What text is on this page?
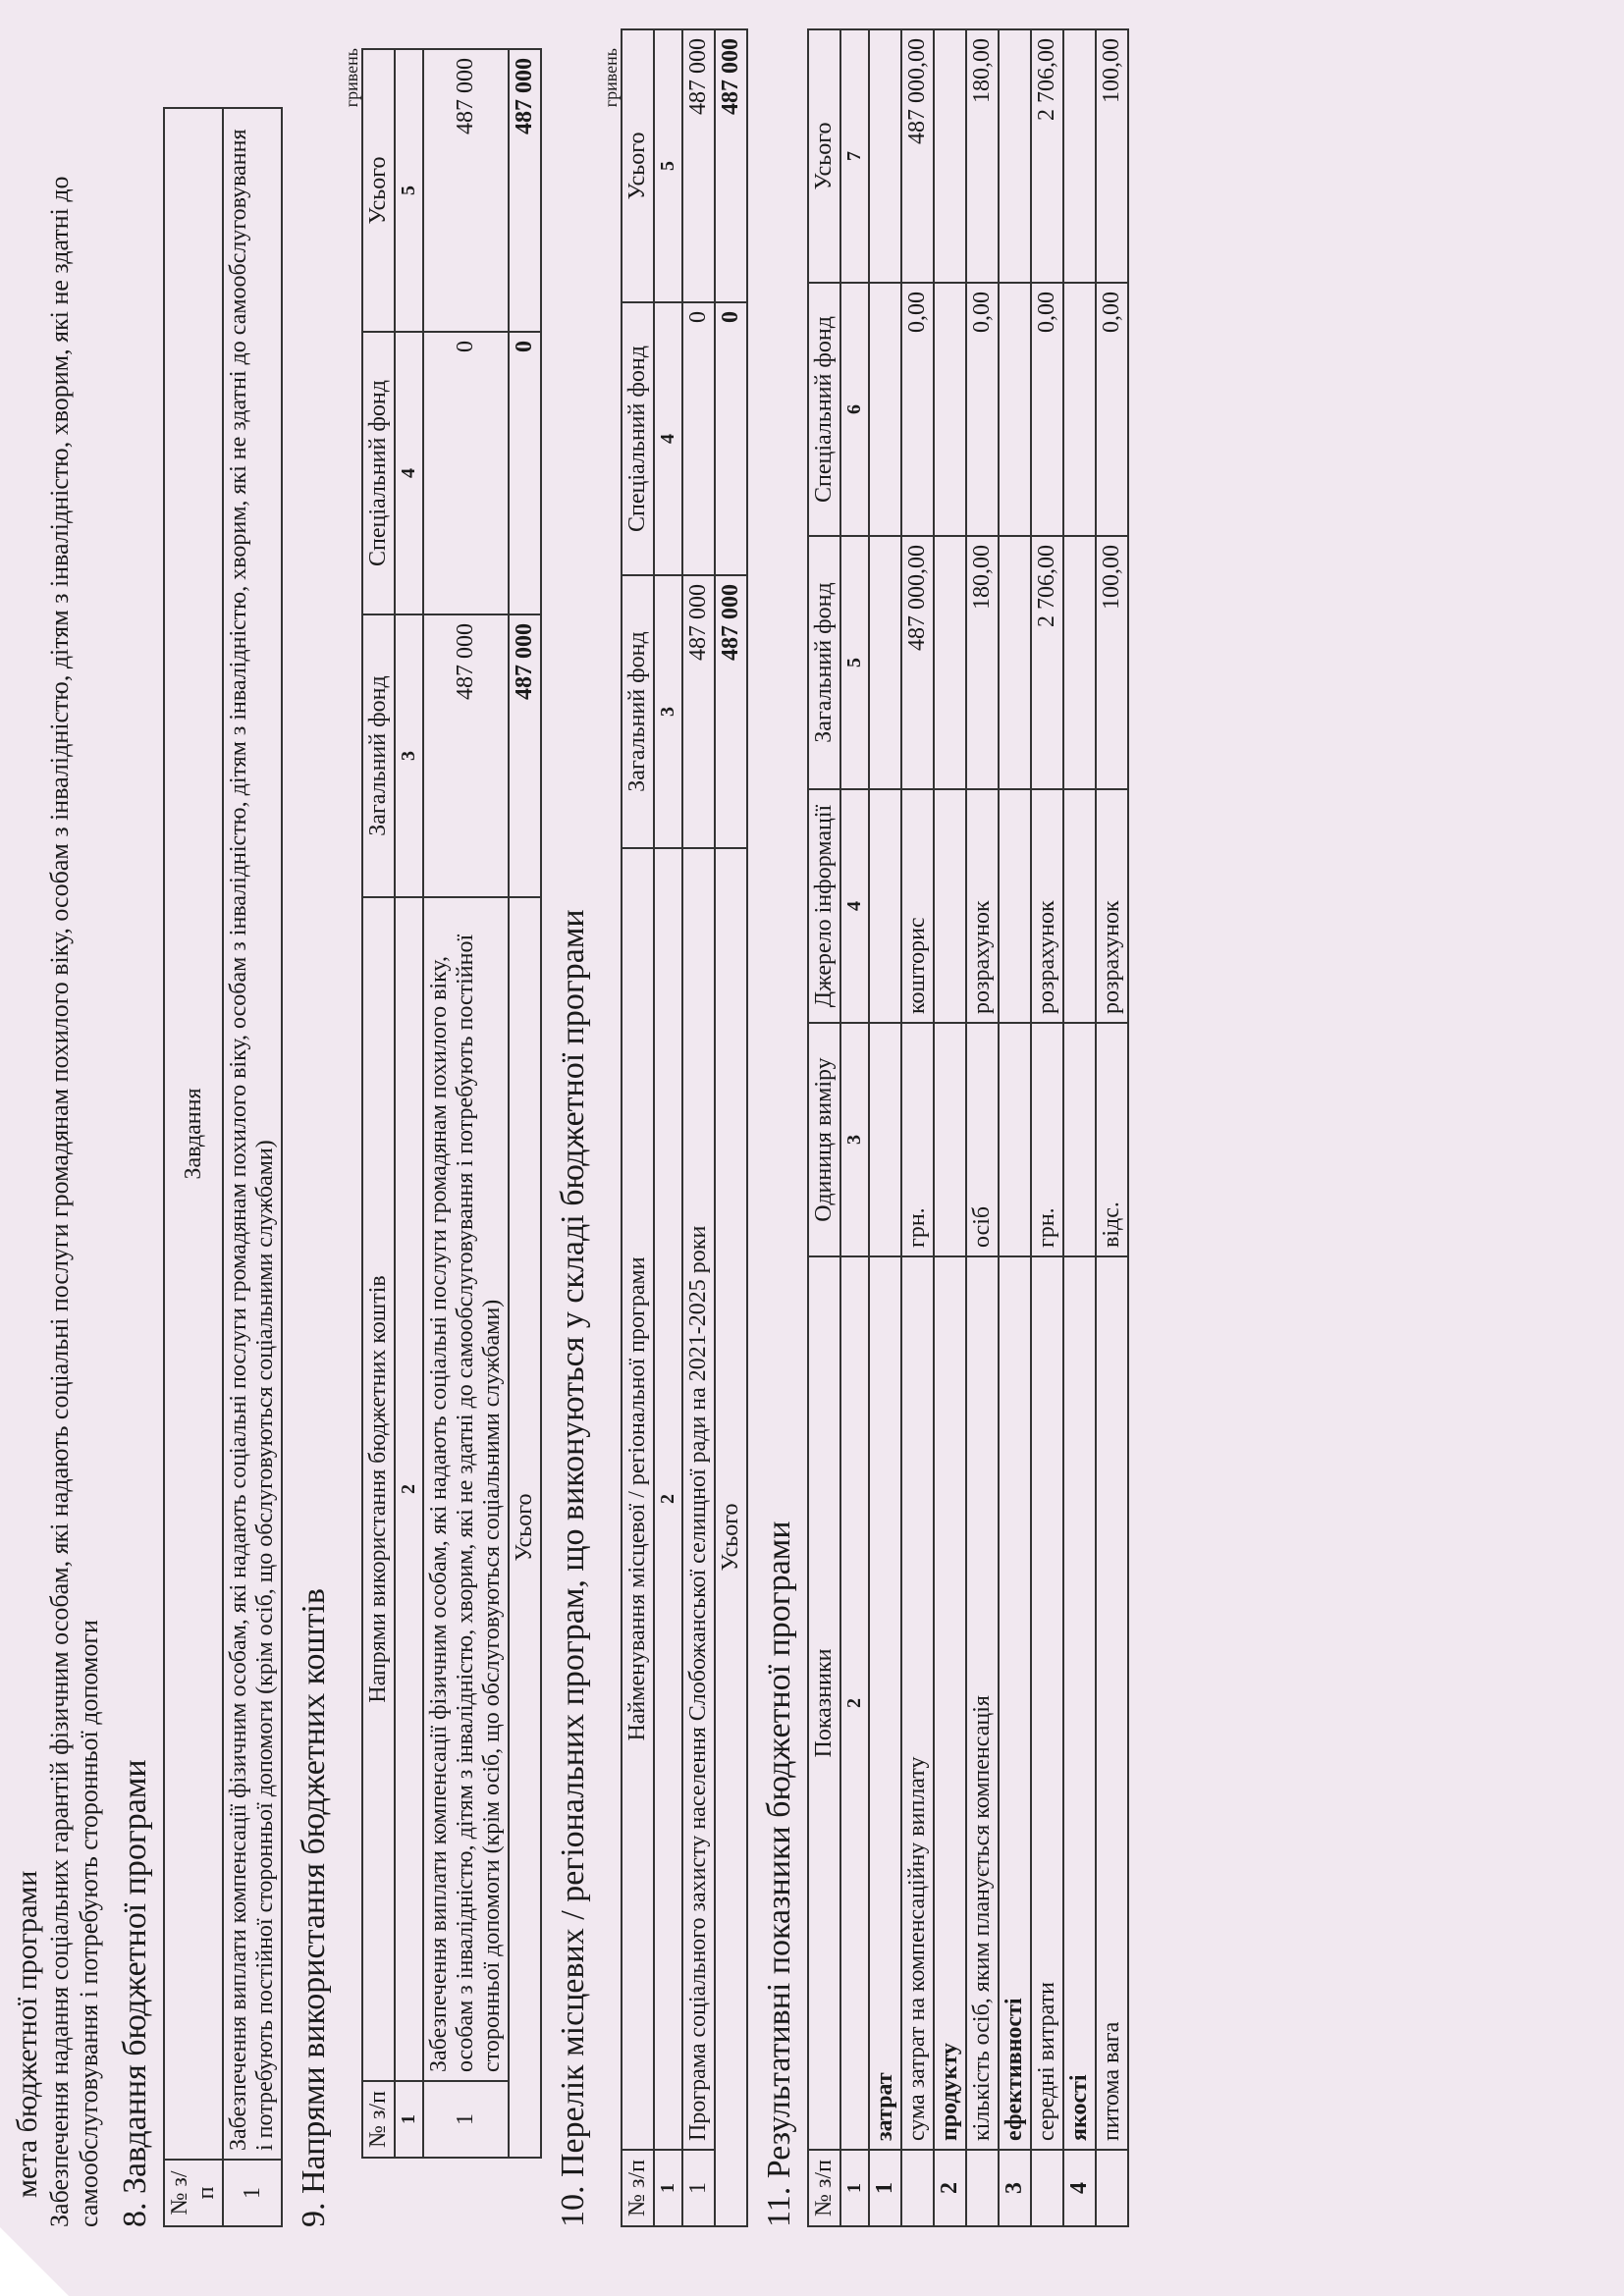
мета бюджетної програми Забезпечення надання соціальних гарантій фізичним особам, які надають соціальні послуги громадянам похилого віку, особам з інвалідністю, дітям з інвалідністю, хворим, які не здатні до самообслуговування і потребують сторонньої допомоги 8. Завдання бюджетної програми № з/п	Завдання
1	Забезпечення виплати компенсації фізичним особам, які надають соціальні послуги громадянам похилого віку, особам з інвалідністю, дітям з інвалідністю, хворим, які не здатні до самообслуговування і потребують постійної сторонньої допомоги (крім осіб, що обслуговуються соціальними службами) 9. Напрями використання бюджетних коштів
гривень
№ з/п	Напрями використання бюджетних коштів	Загальний фонд	Спеціальний фонд	Усього
1	2	3	4	5
1	Забезпечення виплати компенсації фізичним особам, які надають соціальні послуги громадянам похилого віку, особам з інвалідністю, дітям з інвалідністю, хворим, які не здатні до самообслуговування і потребують постійної сторонньої допомоги (крім осіб, що обслуговуються соціальними службами)	487 000	0	487 000
Усього		487 000	0	487 000
10. Перелік місцевих / регіональних програм, що виконуються у складі бюджетної програми
гривень
№ з/п	Найменування місцевої / регіональної програми	Загальний фонд	Спеціальний фонд	Усього
1	2	3	4	5
1	Програма соціального захисту населення Слобожанської селищної ради на 2021-2025 роки	487 000	0	487 000
Усього		487 000	0	487 000
11. Результативні показники бюджетної програми № з/п	Показники	Одиниця виміру	Джерело інформації	Загальний фонд	Спеціальний фонд	Усього
1	2	3	4	5	6	7
1	затрат					
	сума затрат на компенсаційну виплату	грн.	кошторис	487 000,00	0,00	487 000,00
2	продукту					
	кількість осіб, яким планується компенсація	осіб	розрахунок	180,00	0,00	180,00
3	ефективності					
	середні витрати	грн.	розрахунок	2 706,00	0,00	2 706,00
4	якості					
	питома вага	відс.	розрахунок	100,00	0,00	100,00
